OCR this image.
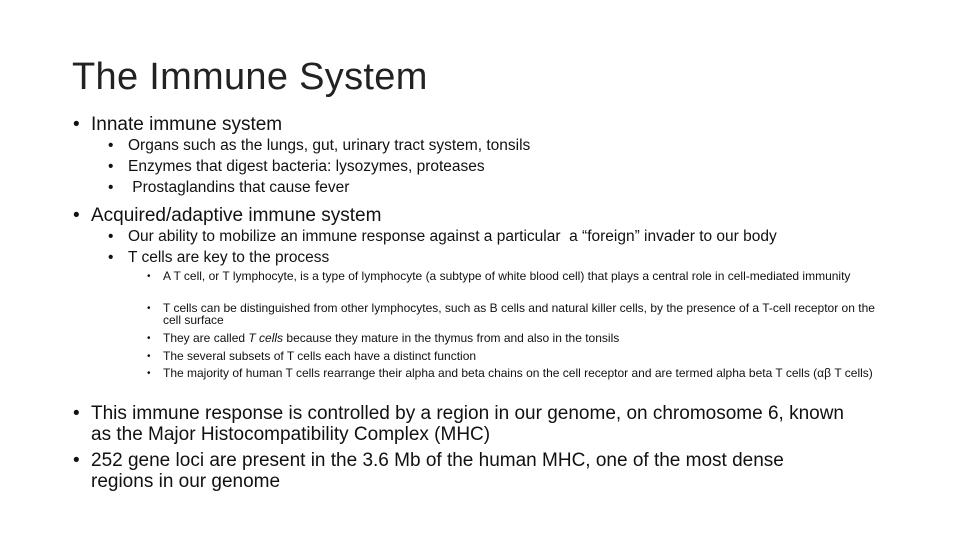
The Immune System
• Innate immune system
• Organs such as the lungs, gut, urinary tract system, tonsils
• Enzymes that digest bacteria: lysozymes, proteases
• Prostaglandins that cause fever
• Acquired/adaptive immune system
• Our ability to mobilize an immune response against a particular  a “foreign” invader to our body
• T cells are key to the process
• A T cell, or T lymphocyte, is a type of lymphocyte (a subtype of white blood cell) that plays a central role in cell-mediated immunity
• T cells can be distinguished from other lymphocytes, such as B cells and natural killer cells, by the presence of a T-cell receptor on the cell surface
• They are called T cells because they mature in the thymus from and also in the tonsils
• The several subsets of T cells each have a distinct function
• The majority of human T cells rearrange their alpha and beta chains on the cell receptor and are termed alpha beta T cells (αβ T cells)
• This immune response is controlled by a region in our genome, on chromosome 6, known as the Major Histocompatibility Complex (MHC)
• 252 gene loci are present in the 3.6 Mb of the human MHC, one of the most dense regions in our genome
